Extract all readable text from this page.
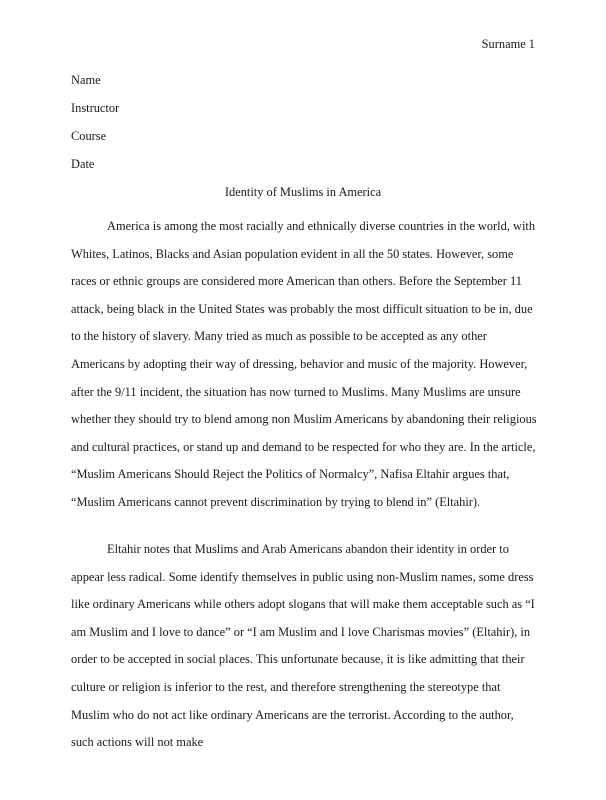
Surname 1
Name
Instructor
Course
Date
Identity of Muslims in America

America is among the most racially and ethnically diverse countries in the world, with Whites, Latinos, Blacks and Asian population evident in all the 50 states. However, some races or ethnic groups are considered more American than others. Before the September 11 attack, being black in the United States was probably the most difficult situation to be in, due to the history of slavery. Many tried as much as possible to be accepted as any other Americans by adopting their way of dressing, behavior and music of the majority. However, after the 9/11 incident, the situation has now turned to Muslims. Many Muslims are unsure whether they should try to blend among non Muslim Americans by abandoning their religious and cultural practices, or stand up and demand to be respected for who they are. In the article, “Muslim Americans Should Reject the Politics of Normalcy”, Nafisa Eltahir argues that, “Muslim Americans cannot prevent discrimination by trying to blend in” (Eltahir).

Eltahir notes that Muslims and Arab Americans abandon their identity in order to appear less radical. Some identify themselves in public using non-Muslim names, some dress like ordinary Americans while others adopt slogans that will make them acceptable such as “I am Muslim and I love to dance” or “I am Muslim and I love Charismas movies” (Eltahir), in order to be accepted in social places. This unfortunate because, it is like admitting that their culture or religion is inferior to the rest, and therefore strengthening the stereotype that Muslim who do not act like ordinary Americans are the terrorist. According to the author, such actions will not make
